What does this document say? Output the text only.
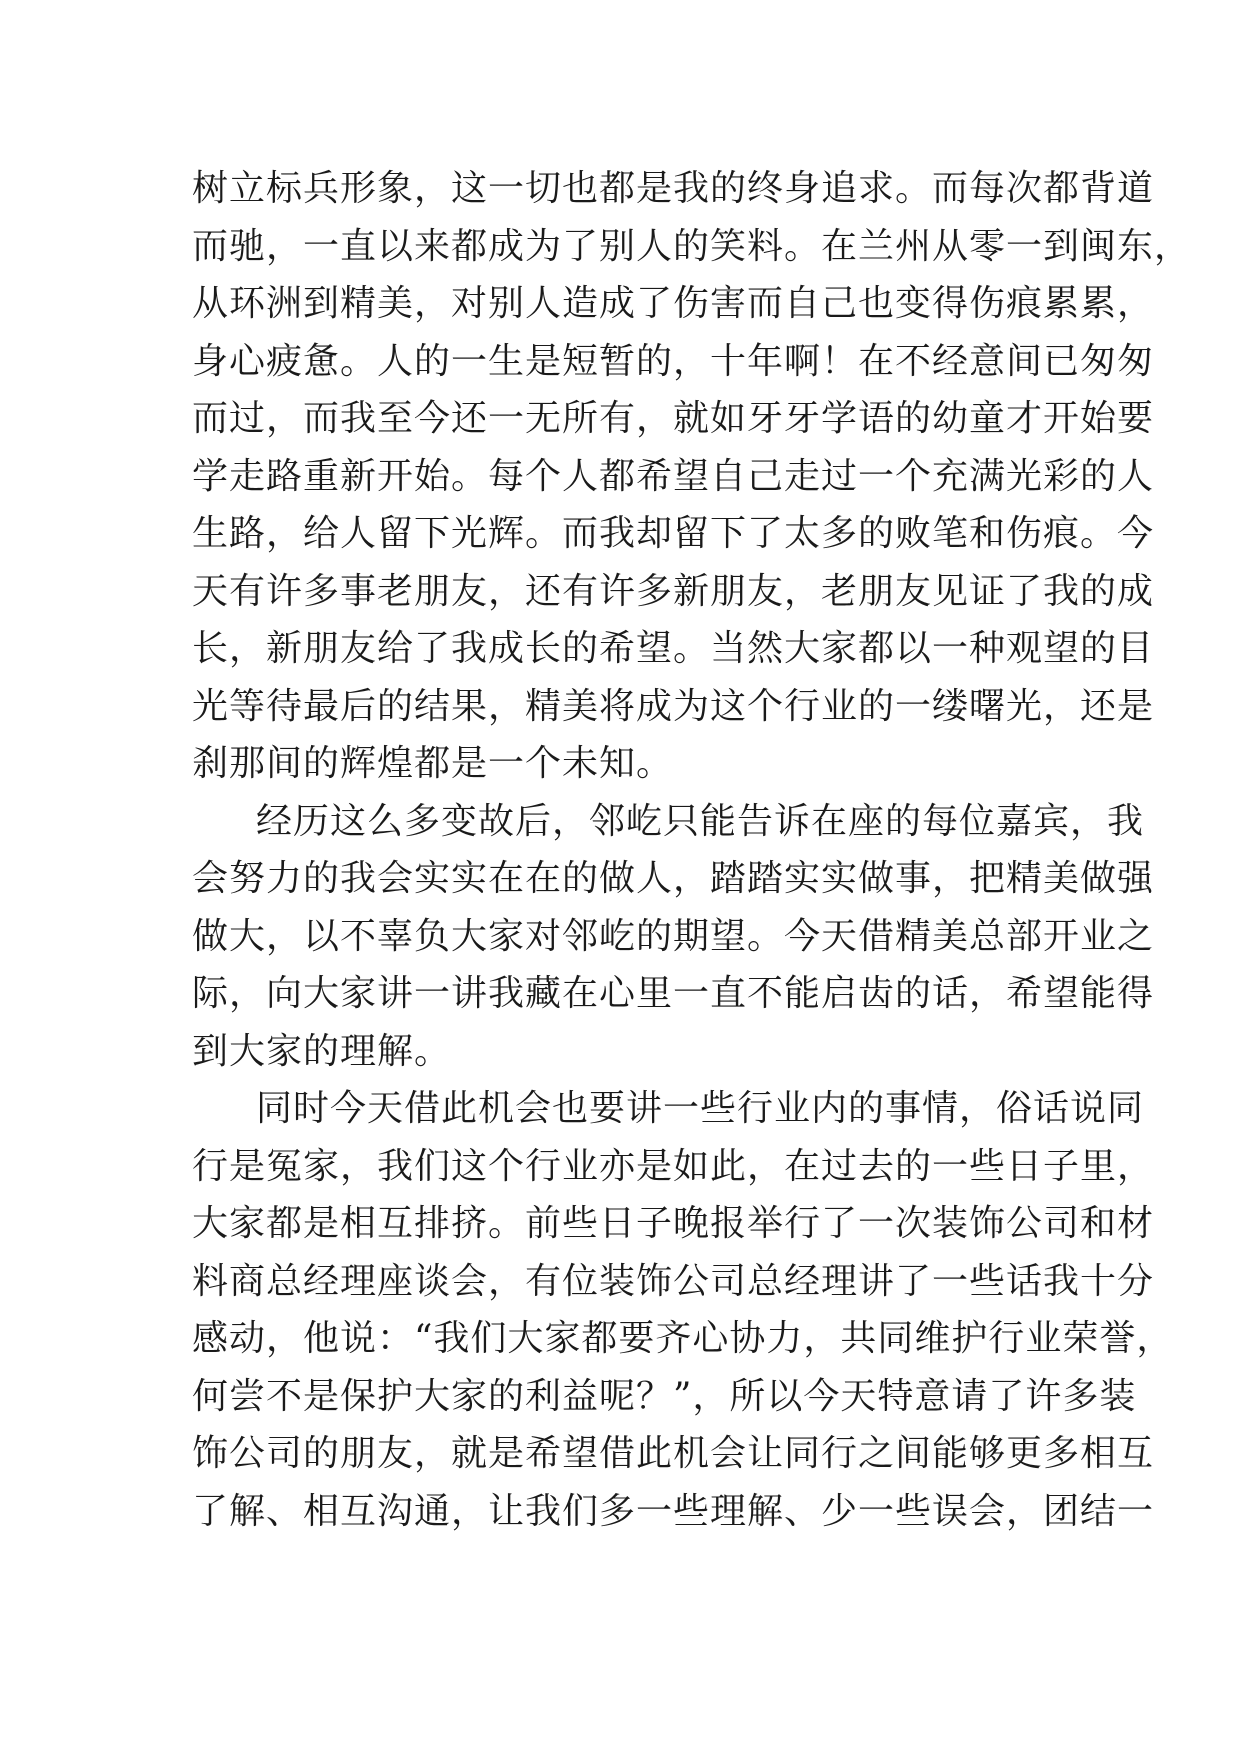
树立标兵形象，这一切也都是我的终身追求。而每次都背道
而驰，一直以来都成为了别人的笑料。在兰州从零一到闽东，
从环洲到精美，对别人造成了伤害而自己也变得伤痕累累，
身心疲惫。人的一生是短暂的，十年啊！在不经意间已匆匆
而过，而我至今还一无所有，就如牙牙学语的幼童才开始要
学走路重新开始。每个人都希望自己走过一个充满光彩的人
生路，给人留下光辉。而我却留下了太多的败笔和伤痕。今
天有许多事老朋友，还有许多新朋友，老朋友见证了我的成
长，新朋友给了我成长的希望。当然大家都以一种观望的目
光等待最后的结果，精美将成为这个行业的一缕曙光，还是
刹那间的辉煌都是一个未知。
经历这么多变故后，邻屹只能告诉在座的每位嘉宾，我
会努力的我会实实在在的做人，踏踏实实做事，把精美做强
做大，以不辜负大家对邻屹的期望。今天借精美总部开业之
际，向大家讲一讲我藏在心里一直不能启齿的话，希望能得
到大家的理解。
同时今天借此机会也要讲一些行业内的事情，俗话说同
行是冤家，我们这个行业亦是如此，在过去的一些日子里，
大家都是相互排挤。前些日子晚报举行了一次装饰公司和材
料商总经理座谈会，有位装饰公司总经理讲了一些话我十分
感动，他说：“我们大家都要齐心协力，共同维护行业荣誉，
何尝不是保护大家的利益呢？”，所以今天特意请了许多装
饰公司的朋友，就是希望借此机会让同行之间能够更多相互
了解、相互沟通，让我们多一些理解、少一些误会，团结一
